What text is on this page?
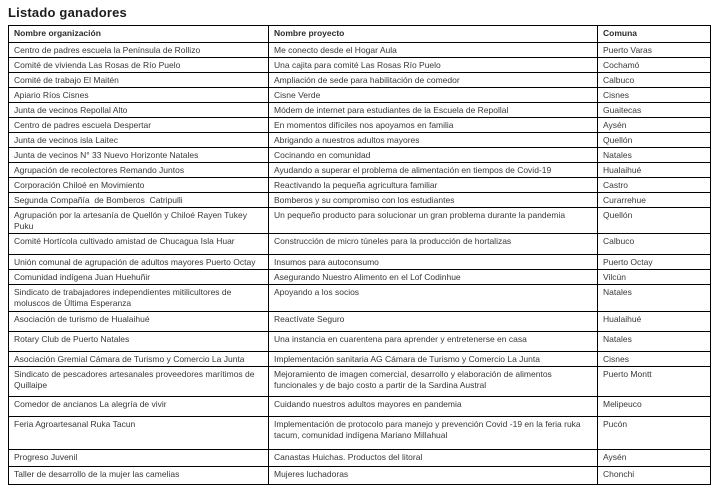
Listado ganadores
Nombre organización	Nombre proyecto	Comuna
Centro de padres escuela la Península de Rollizo	Me conecto desde el Hogar Aula	Puerto Varas
Comité de vivienda Las Rosas de Río Puelo	Una cajita para comité Las Rosas Río Puelo	Cochamó
Comité de trabajo El Maitén	Ampliación de sede para habilitación de comedor	Calbuco
Apiario Ríos Cisnes	Cisne Verde	Cisnes
Junta de vecinos Repollal Alto	Módem de internet para estudiantes de la Escuela de Repollal	Guaitecas
Centro de padres escuela Despertar	En momentos difíciles nos apoyamos en familia	Aysén
Junta de vecinos isla Laitec	Abrigando a nuestros adultos mayores	Quellón
Junta de vecinos N° 33 Nuevo Horizonte Natales	Cocinando en comunidad	Natales
Agrupación de recolectores Remando Juntos	Ayudando a superar el problema de alimentación en tiempos de Covid-19	Hualaihué
Corporación Chiloé en Movimiento	Reactivando la pequeña agricultura familiar	Castro
Segunda Compañía  de Bomberos  Catripulli	Bomberos y su compromiso con los estudiantes	Curarrehue
Agrupación por la artesanía de Quellón y Chiloé Rayen Tukey Puku	Un pequeño producto para solucionar un gran problema durante la pandemia	Quellón
Comité Hortícola cultivado amistad de Chucagua Isla Huar	Construcción de micro túneles para la producción de hortalizas	Calbuco
Unión comunal de agrupación de adultos mayores Puerto Octay	Insumos para autoconsumo	Puerto Octay
Comunidad indígena Juan Huehuñir	Asegurando Nuestro Alimento en el Lof Codinhue	Vilcún
Sindicato de trabajadores independientes mitilicultores de moluscos de Última Esperanza	Apoyando a los socios	Natales
Asociación de turismo de Hualaihué	Reactívate Seguro	Hualaihué
Rotary Club de Puerto Natales	Una instancia en cuarentena para aprender y entretenerse en casa	Natales
Asociación Gremial Cámara de Turismo y Comercio La Junta	Implementación sanitaria AG Cámara de Turismo y Comercio La Junta	Cisnes
Sindicato de pescadores artesanales proveedores marítimos de Quillaipe	Mejoramiento de imagen comercial, desarrollo y elaboración de alimentos funcionales y de bajo costo a partir de la Sardina Austral	Puerto Montt
Comedor de ancianos La alegría de vivir	Cuidando nuestros adultos mayores en pandemia	Melipeuco
Feria Agroartesanal Ruka Tacun	Implementación de protocolo para manejo y prevención Covid -19 en la feria ruka tacum, comunidad indígena Mariano Millahual	Pucón
Progreso Juvenil	Canastas Huichas. Productos del litoral	Aysén
Taller de desarrollo de la mujer las camelias	Mujeres luchadoras	Chonchi
